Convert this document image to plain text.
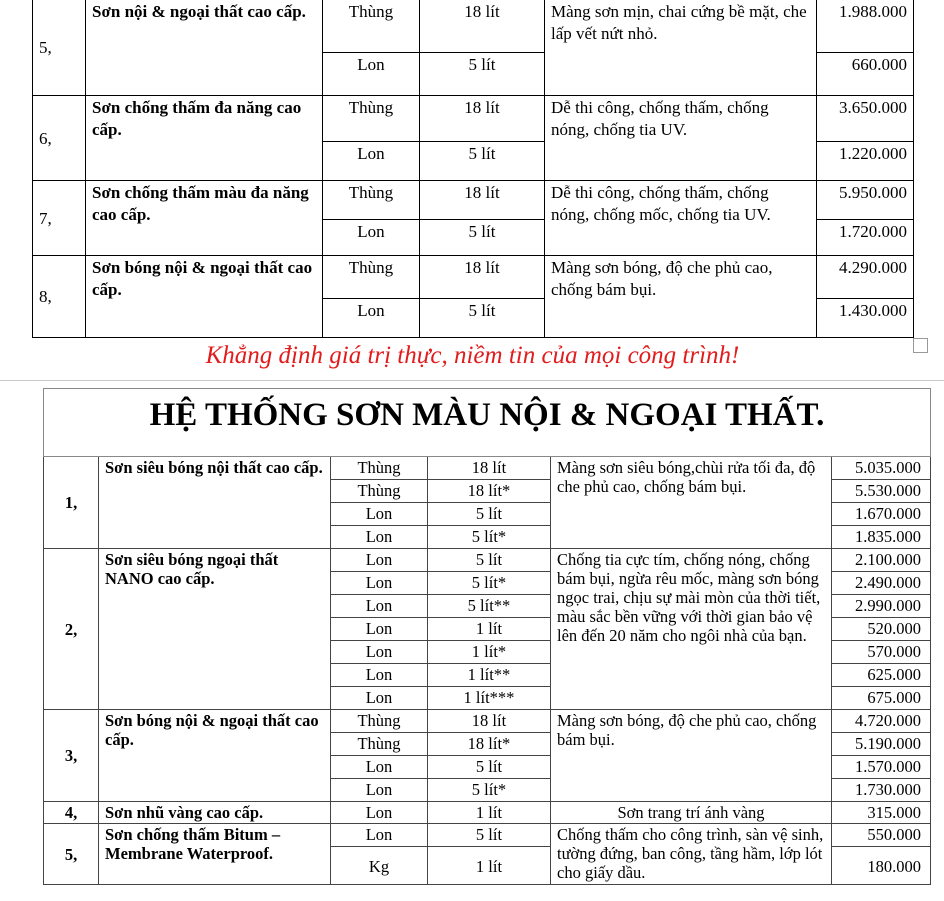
5,	Sơn nội & ngoại thất cao cấp.	Thùng	18 lít	Màng sơn mịn, chai cứng bề mặt, che lấp vết nứt nhỏ.	1.988.000
		Lon	5 lít		660.000
6,	Sơn chống thấm đa năng cao cấp.	Thùng	18 lít	Dễ thi công, chống thấm, chống nóng, chống tia UV.	3.650.000
		Lon	5 lít		1.220.000
7,	Sơn chống thấm màu đa năng cao cấp.	Thùng	18 lít	Dễ thi công, chống thấm, chống nóng, chống mốc, chống tia UV.	5.950.000
		Lon	5 lít		1.720.000
8,	Sơn bóng nội & ngoại thất cao cấp.	Thùng	18 lít	Màng sơn bóng, độ che phủ cao, chống bám bụi.	4.290.000
		Lon	5 lít		1.430.000
Khẳng định giá trị thực, niềm tin của mọi công trình!
HỆ THỐNG SƠN MÀU NỘI & NGOẠI THẤT.					
1,	Sơn siêu bóng nội thất cao cấp.	Thùng	18 lít	Màng sơn siêu bóng,chùi rửa tối đa, độ che phủ cao, chống bám bụi.	5.035.000
		Thùng	18 lít*		5.530.000
		Lon	5 lít		1.670.000
		Lon	5 lít*		1.835.000
2,	Sơn siêu bóng ngoại thất NANO cao cấp.	Lon	5 lít	Chống tia cực tím, chống nóng, chống bám bụi, ngừa rêu mốc, màng sơn bóng ngọc trai, chịu sự mài mòn của thời tiết, màu sắc bền vững với thời gian bảo vệ lên đến 20 năm cho ngôi nhà của bạn.	2.100.000
		Lon	5 lít*		2.490.000
		Lon	5 lít**		2.990.000
		Lon	1 lít		520.000
		Lon	1 lít*		570.000
		Lon	1 lít**		625.000
		Lon	1 lít***		675.000
3,	Sơn bóng nội & ngoại thất cao cấp.	Thùng	18 lít	Màng sơn bóng, độ che phủ cao, chống bám bụi.	4.720.000
		Thùng	18 lít*		5.190.000
		Lon	5 lít		1.570.000
		Lon	5 lít*		1.730.000
4,	Sơn nhũ vàng cao cấp.	Lon	1 lít	Sơn trang trí ánh vàng	315.000
5,	Sơn chống thấm Bitum – Membrane Waterproof.	Lon	5 lít	Chống thấm cho công trình, sàn vệ sinh, tường đứng, ban công, tầng hầm, lớp lót cho giấy dầu.	550.000
		Kg	1 lít		180.000
